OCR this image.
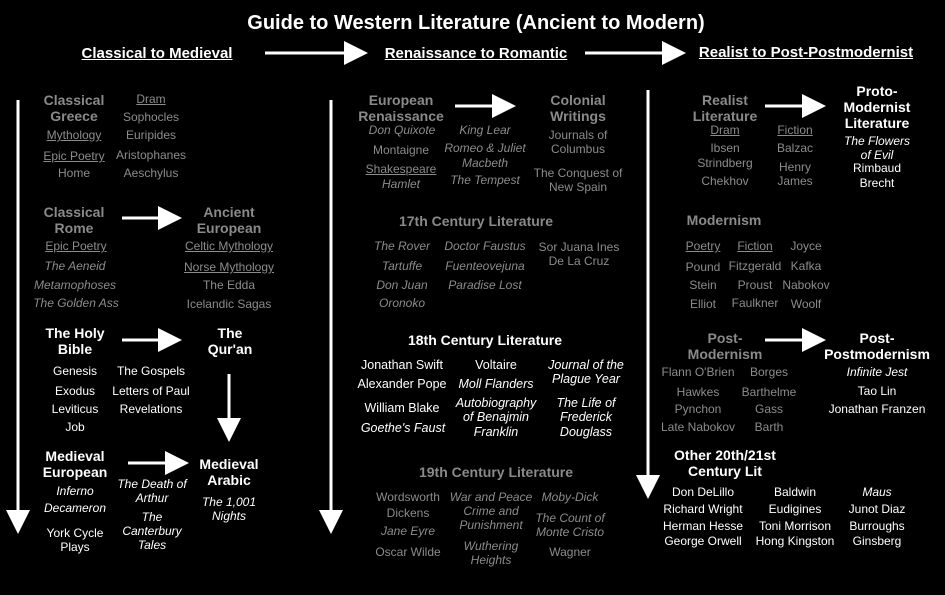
Guide to Western Literature (Ancient to Modern)
Classical to Medieval	Renaissance to Romantic	Realist to Post-Postmodernist
Classical
Greece
Mythology
Epic Poetry
Home
Dram
Sophocles
Euripides
Aristophanes
Aeschylus
Classical
Rome
Epic Poetry
The Aeneid
Metamophoses
The Golden Ass
Ancient
European
Celtic Mythology
Norse Mythology
The Edda
Icelandic Sagas
The Holy
Bible
Genesis
Exodus
Leviticus
Job
The Gospels
Letters of Paul
Revelations
The
Qur'an
Medieval
European
Inferno
Decameron
York Cycle
Plays
The Death of
Arthur
The
Canterbury
Tales
Medieval
Arabic
The 1,001
Nights
European
Renaissance
Don Quixote
Montaigne
Shakespeare
Hamlet
King Lear
Romeo & Juliet
Macbeth
The Tempest
Colonial
Writings
Journals of
Columbus
The Conquest of
New Spain
17th Century Literature
The Rover
Tartuffe
Don Juan
Oronoko
Doctor Faustus
Fuenteovejuna
Paradise Lost
Sor Juana Ines
De La Cruz
18th Century Literature
Jonathan Swift
Alexander Pope
William Blake
Goethe's Faust
Voltaire
Moll Flanders
Autobiography
of Benajmin
Franklin
Journal of the
Plague Year
The Life of
Frederick
Douglass
19th Century Literature
Wordsworth
Dickens
Jane Eyre
Oscar Wilde
War and Peace
Crime and
Punishment
Wuthering
Heights
Moby-Dick
The Count of
Monte Cristo
Wagner
Realist
Literature
Dram
Ibsen
Strindberg
Chekhov
Fiction
Balzac
Henry
James
Proto-
Modernist
Literature
The Flowers
of Evil
Rimbaud
Brecht
Modernism
Poetry
Pound
Stein
Elliot
Fiction
Fitzgerald
Proust
Faulkner
Joyce
Kafka
Nabokov
Woolf
Post-
Modernism
Flann O'Brien
Hawkes
Pynchon
Late Nabokov
Borges
Barthelme
Gass
Barth
Post-
Postmodernism
Infinite Jest
Tao Lin
Jonathan Franzen
Other 20th/21st
Century Lit
Don DeLillo
Richard Wright
Herman Hesse
George Orwell
Baldwin
Eudigines
Toni Morrison
Hong Kingston
Maus
Junot Diaz
Burroughs
Ginsberg
